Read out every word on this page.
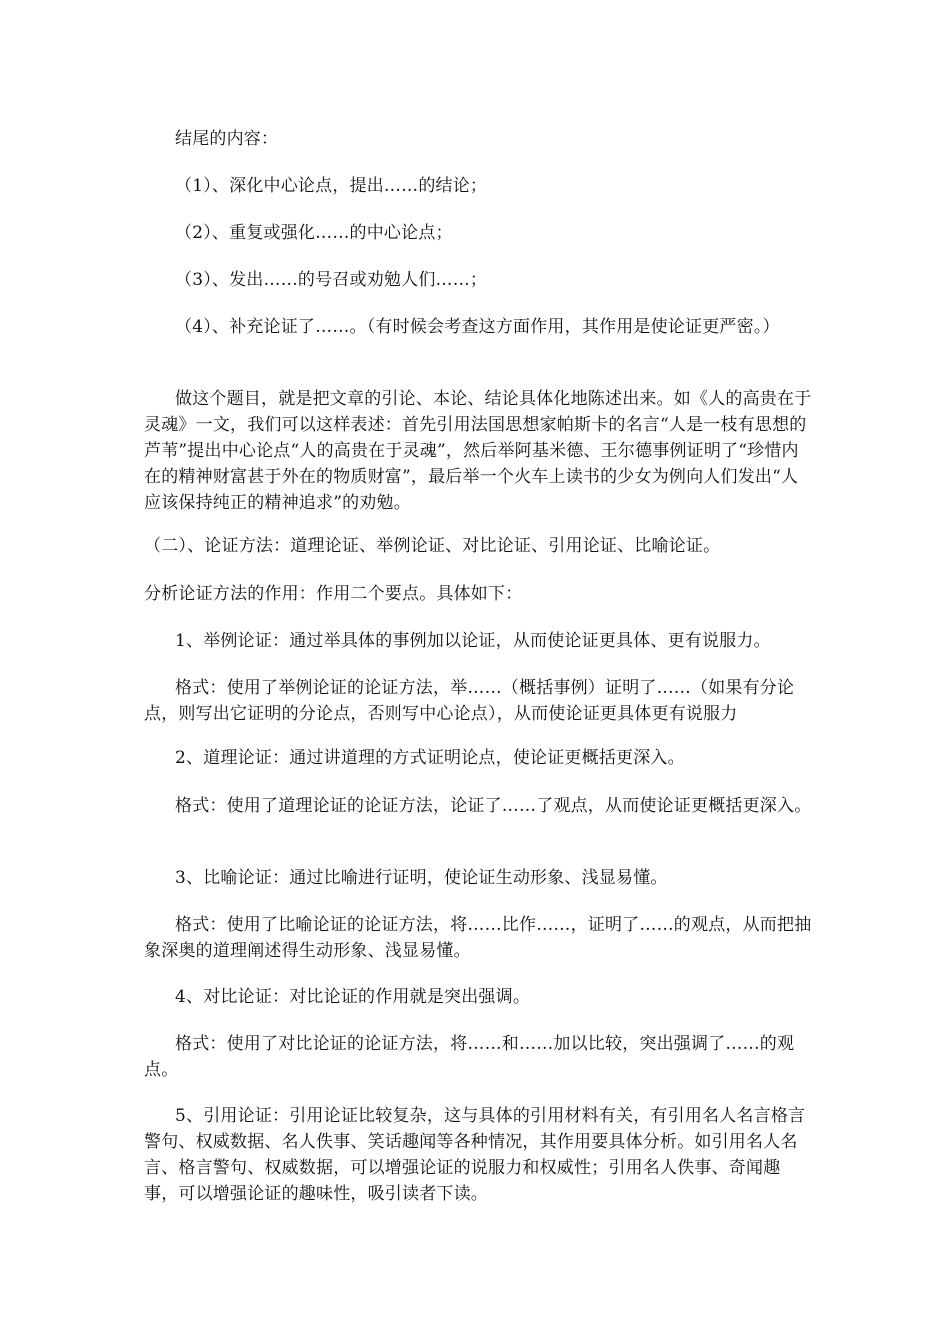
结尾的内容：

（1）、深化中心论点，提出……的结论；

（2）、重复或强化……的中心论点；

（3）、发出……的号召或劝勉人们……；

（4）、补充论证了……。（有时候会考查这方面作用，其作用是使论证更严密。）

做这个题目，就是把文章的引论、本论、结论具体化地陈述出来。如《人的高贵在于灵魂》一文，我们可以这样表述：首先引用法国思想家帕斯卡的名言“人是一枝有思想的芦苇”提出中心论点“人的高贵在于灵魂”，然后举阿基米德、王尔德事例证明了“珍惜内在的精神财富甚于外在的物质财富”，最后举一个火车上读书的少女为例向人们发出“人应该保持纯正的精神追求”的劝勉。

（二）、论证方法：道理论证、举例论证、对比论证、引用论证、比喻论证。

分析论证方法的作用：作用二个要点。具体如下：

1、举例论证：通过举具体的事例加以论证，从而使论证更具体、更有说服力。

格式：使用了举例论证的论证方法，举……（概括事例）证明了……（如果有分论点，则写出它证明的分论点，否则写中心论点），从而使论证更具体更有说服力

2、道理论证：通过讲道理的方式证明论点，使论证更概括更深入。

格式：使用了道理论证的论证方法，论证了……了观点，从而使论证更概括更深入。

3、比喻论证：通过比喻进行证明，使论证生动形象、浅显易懂。

格式：使用了比喻论证的论证方法，将……比作……，证明了……的观点，从而把抽象深奥的道理阐述得生动形象、浅显易懂。

4、对比论证：对比论证的作用就是突出强调。

格式：使用了对比论证的论证方法，将……和……加以比较，突出强调了……的观点。

5、引用论证：引用论证比较复杂，这与具体的引用材料有关，有引用名人名言格言警句、权威数据、名人佚事、笑话趣闻等各种情况，其作用要具体分析。如引用名人名言、格言警句、权威数据，可以增强论证的说服力和权威性；引用名人佚事、奇闻趣事，可以增强论证的趣味性，吸引读者下读。
